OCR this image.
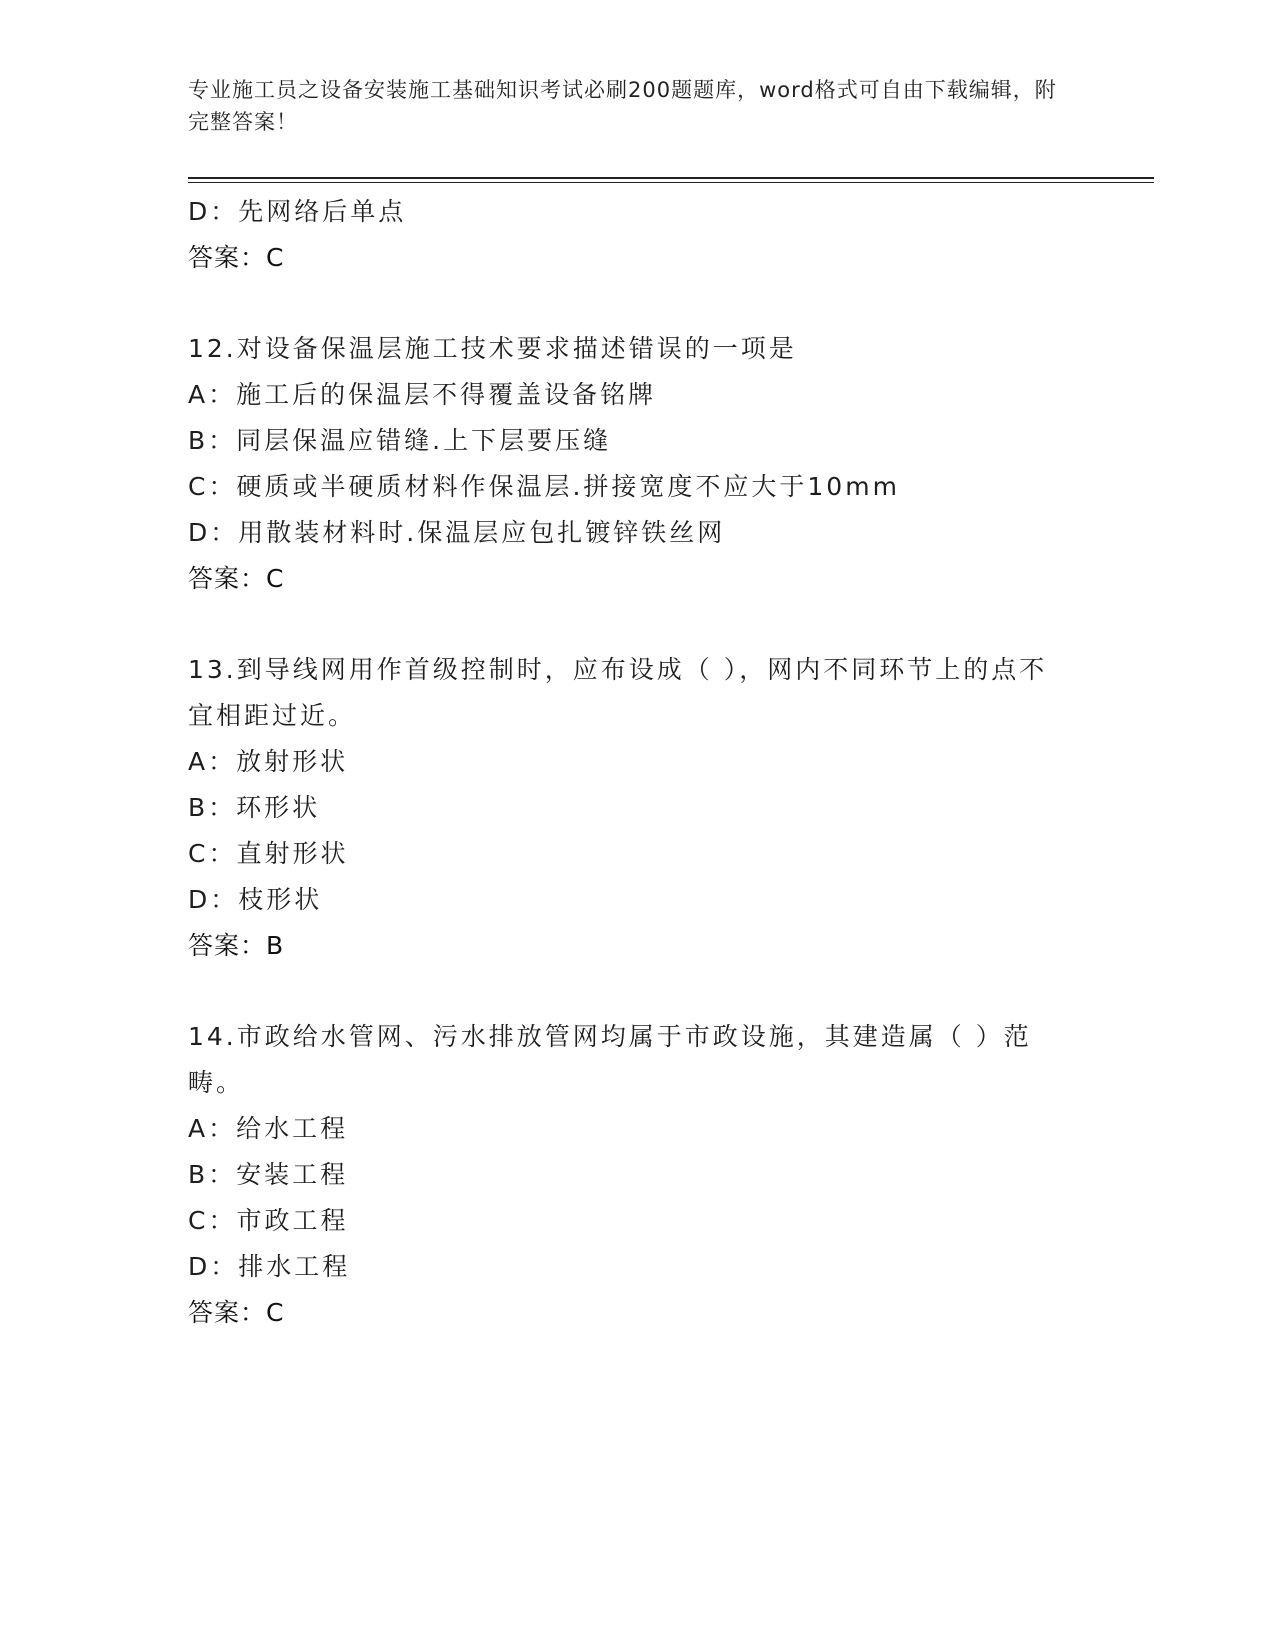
专业施工员之设备安装施工基础知识考试必刷200题题库，word格式可自由下载编辑，附完整答案！
D：先网络后单点
答案：C
12.对设备保温层施工技术要求描述错误的一项是
A：施工后的保温层不得覆盖设备铭牌
B：同层保温应错缝.上下层要压缝
C：硬质或半硬质材料作保温层.拼接宽度不应大于10mm
D：用散装材料时.保温层应包扎镀锌铁丝网
答案：C
13.到导线网用作首级控制时，应布设成（ ），网内不同环节上的点不宜相距过近。
A：放射形状
B：环形状
C：直射形状
D：枝形状
答案：B
14.市政给水管网、污水排放管网均属于市政设施，其建造属（ ）范畴。
A：给水工程
B：安装工程
C：市政工程
D：排水工程
答案：C
